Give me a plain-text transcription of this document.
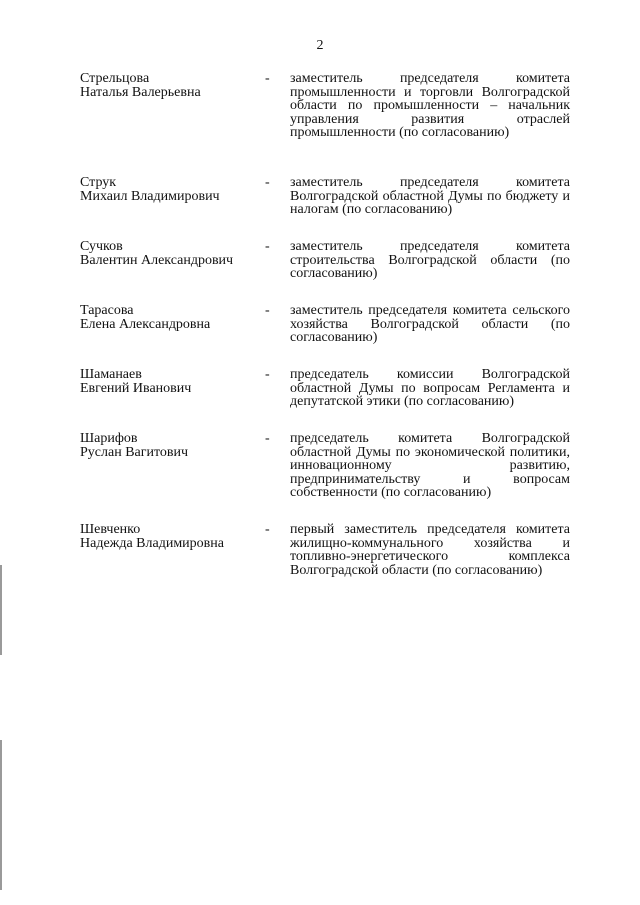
2
Стрельцова
Наталья Валерьевна
- заместитель председателя комитета промышленности и торговли Волгоградской области по промышленности – начальник управления развития отраслей промышленности (по согласованию)
Струк
Михаил Владимирович
- заместитель председателя комитета Волгоградской областной Думы по бюджету и налогам (по согласованию)
Сучков
Валентин Александрович
- заместитель председателя комитета строительства Волгоградской области (по согласованию)
Тарасова
Елена Александровна
- заместитель председателя комитета сельского хозяйства Волгоградской области (по согласованию)
Шаманаев
Евгений Иванович
- председатель комиссии Волгоградской областной Думы по вопросам Регламента и депутатской этики (по согласованию)
Шарифов
Руслан Вагитович
- председатель комитета Волгоградской областной Думы по экономической политики, инновационному развитию, предпринимательству и вопросам собственности (по согласованию)
Шевченко
Надежда Владимировна
- первый заместитель председателя комитета жилищно-коммунального хозяйства и топливно-энергетического комплекса Волгоградской области (по согласованию)
